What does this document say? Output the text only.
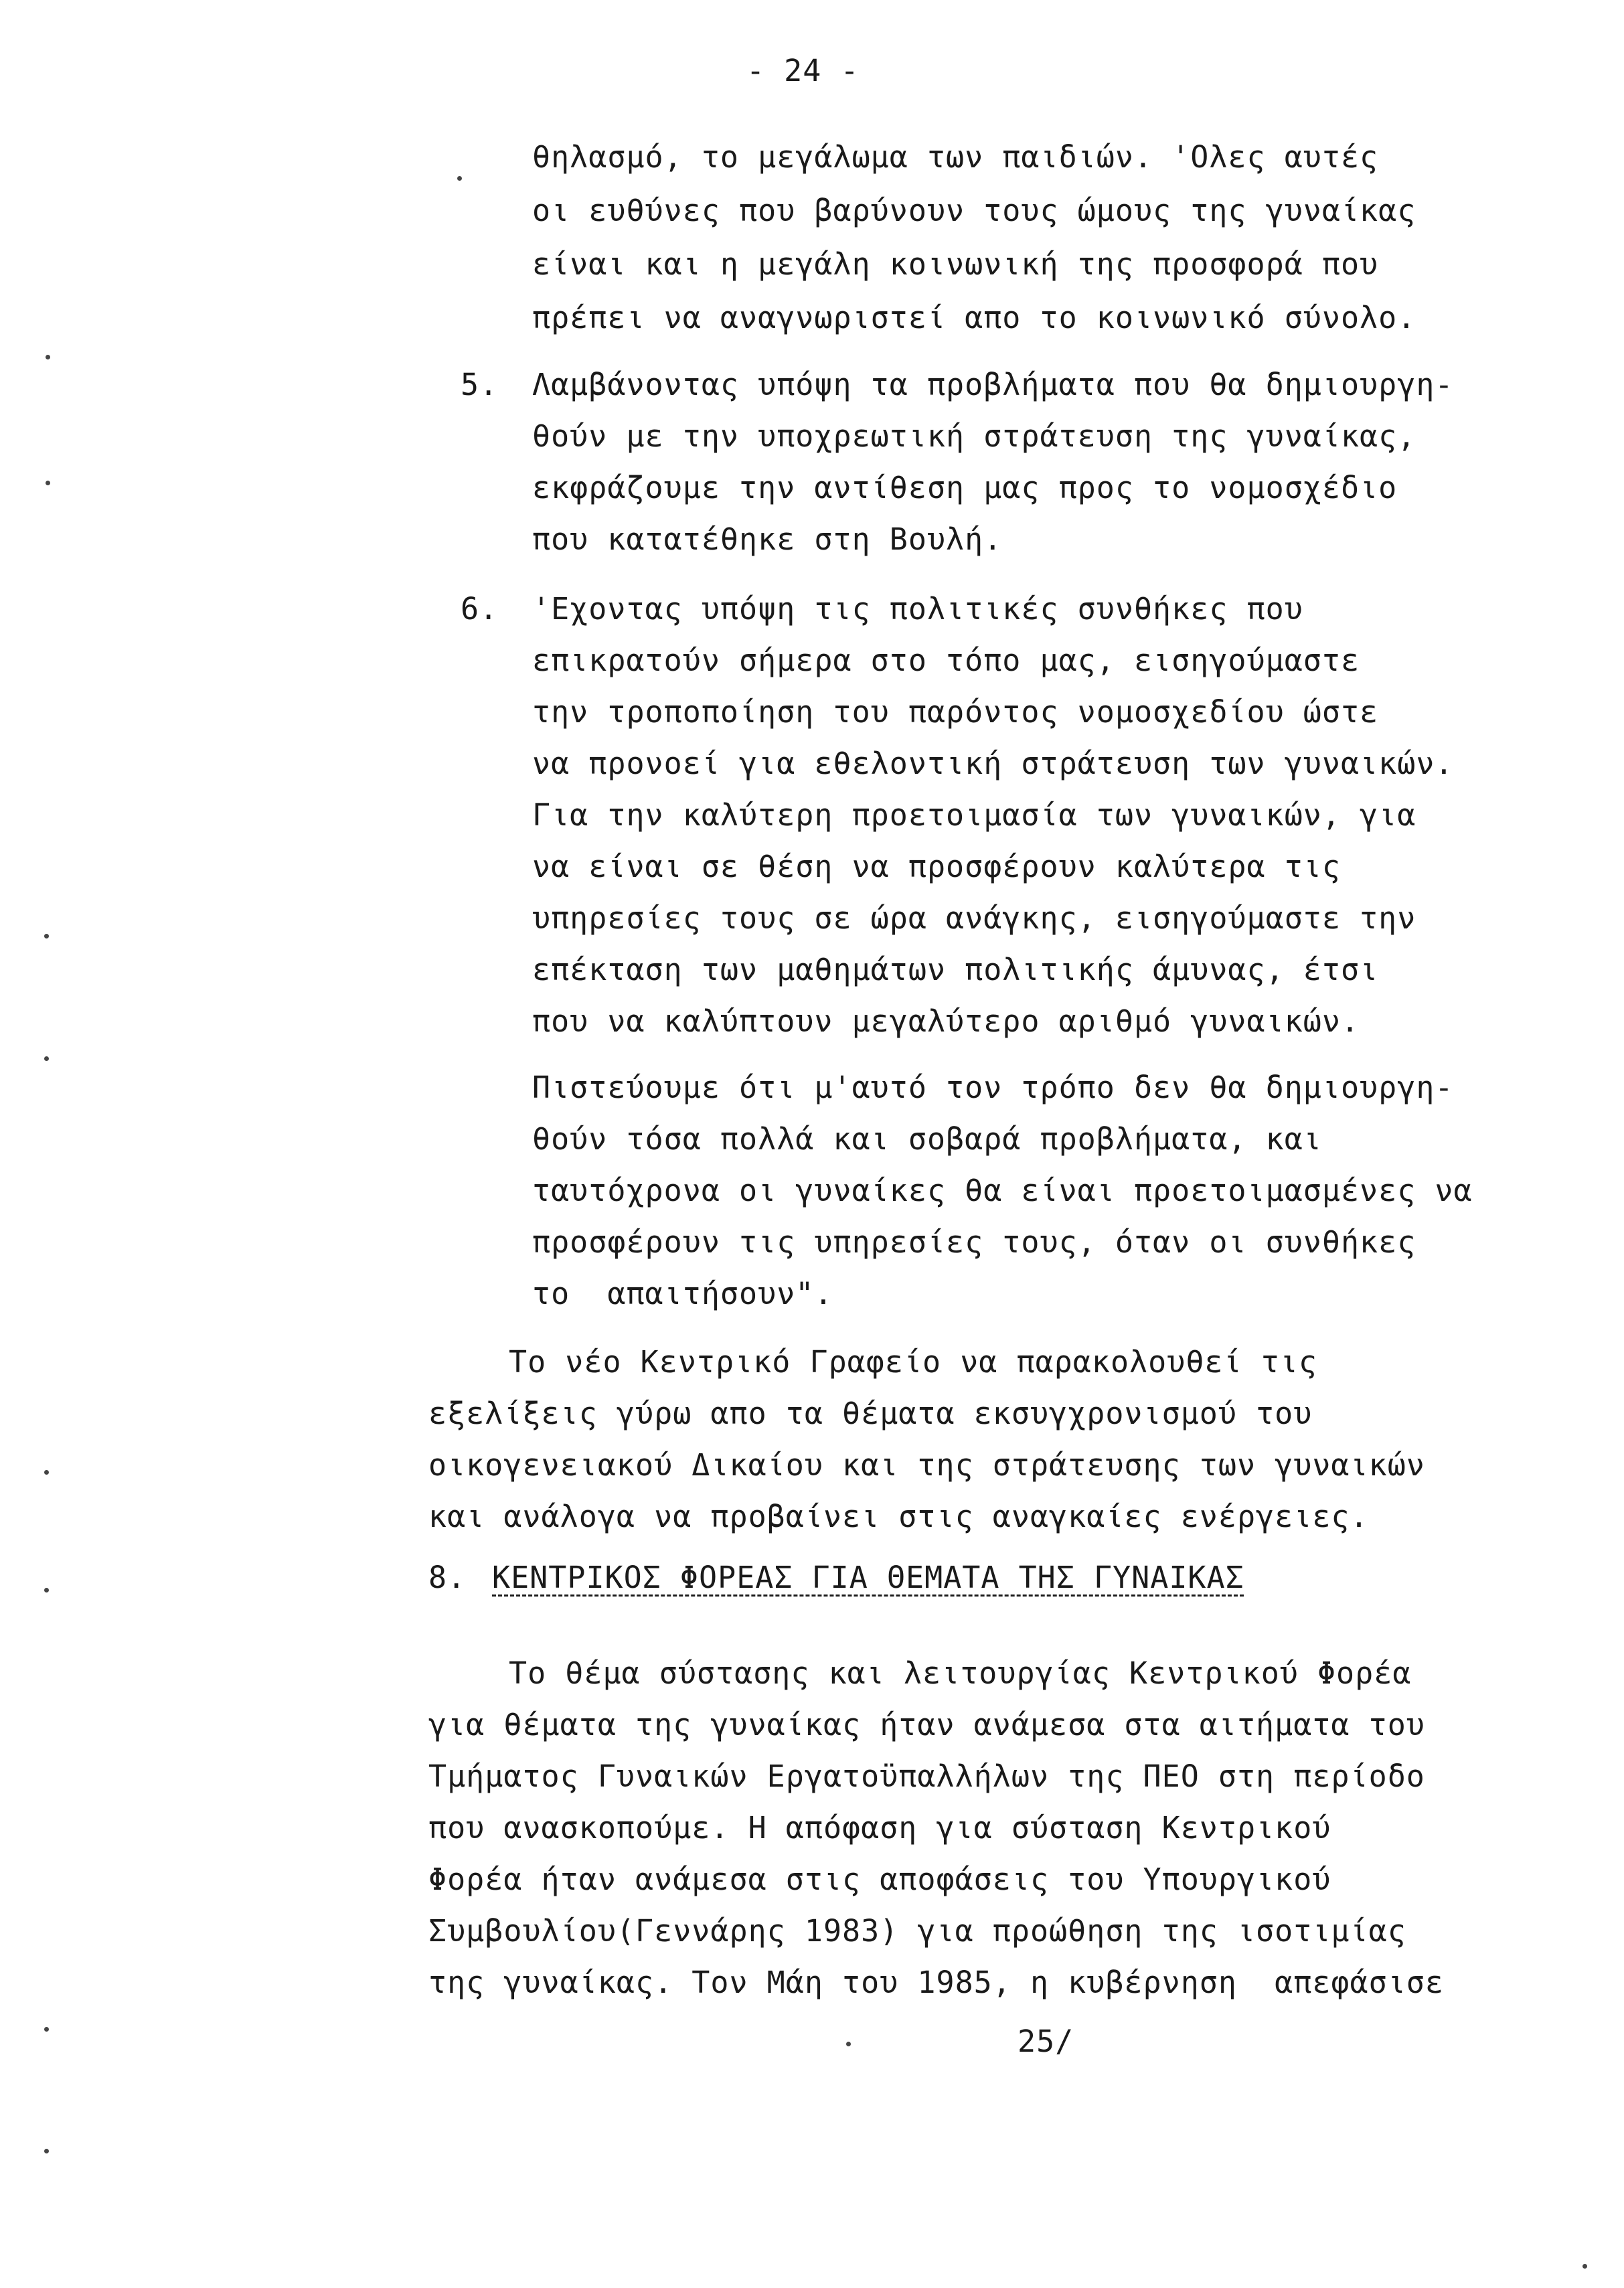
- 24 -
θηλασμό, το μεγάλωμα των παιδιών. 'Ολες αυτές
οι ευθύνες που βαρύνουν τους ώμους της γυναίκας
είναι και η μεγάλη κοινωνική της προσφορά που
πρέπει να αναγνωριστεί απο το κοινωνικό σύνολο.
5. Λαμβάνοντας υπόψη τα προβλήματα που θα δημιουργη-
θούν με την υποχρεωτική στράτευση της γυναίκας,
εκφράζουμε την αντίθεση μας προς το νομοσχέδιο
που κατατέθηκε στη Βουλή.
6. 'Εχοντας υπόψη τις πολιτικές συνθήκες που
επικρατούν σήμερα στο τόπο μας, εισηγούμαστε
την τροποποίηση του παρόντος νομοσχεδίου ώστε
να προνοεί για εθελοντική στράτευση των γυναικών.
Για την καλύτερη προετοιμασία των γυναικών, για
να είναι σε θέση να προσφέρουν καλύτερα τις
υπηρεσίες τους σε ώρα ανάγκης, εισηγούμαστε την
επέκταση των μαθημάτων πολιτικής άμυνας, έτσι
που να καλύπτουν μεγαλύτερο αριθμό γυναικών.
Πιστεύουμε ότι μ'αυτό τον τρόπο δεν θα δημιουργη-
θούν τόσα πολλά και σοβαρά προβλήματα, και
ταυτόχρονα οι γυναίκες θα είναι προετοιμασμένες να
προσφέρουν τις υπηρεσίες τους, όταν οι συνθήκες
το  απαιτήσουν".
Το νέο Κεντρικό Γραφείο να παρακολουθεί τις
εξελίξεις γύρω απο τα θέματα εκσυγχρονισμού του
οικογενειακού Δικαίου και της στράτευσης των γυναικών
και ανάλογα να προβαίνει στις αναγκαίες ενέργειες.
8. ΚΕΝΤΡΙΚΟΣ ΦΟΡΕΑΣ ΓΙΑ ΘΕΜΑΤΑ ΤΗΣ ΓΥΝΑΙΚΑΣ
Το θέμα σύστασης και λειτουργίας Κεντρικού Φορέα
για θέματα της γυναίκας ήταν ανάμεσα στα αιτήματα του
Τμήματος Γυναικών Εργατοϋπαλλήλων της ΠΕΟ στη περίοδο
που ανασκοπούμε. Η απόφαση για σύσταση Κεντρικού
Φορέα ήταν ανάμεσα στις αποφάσεις του Υπουργικού
Συμβουλίου(Γεννάρης 1983) για προώθηση της ισοτιμίας
της γυναίκας. Τον Μάη του 1985, η κυβέρνηση  απεφάσισε
25/
